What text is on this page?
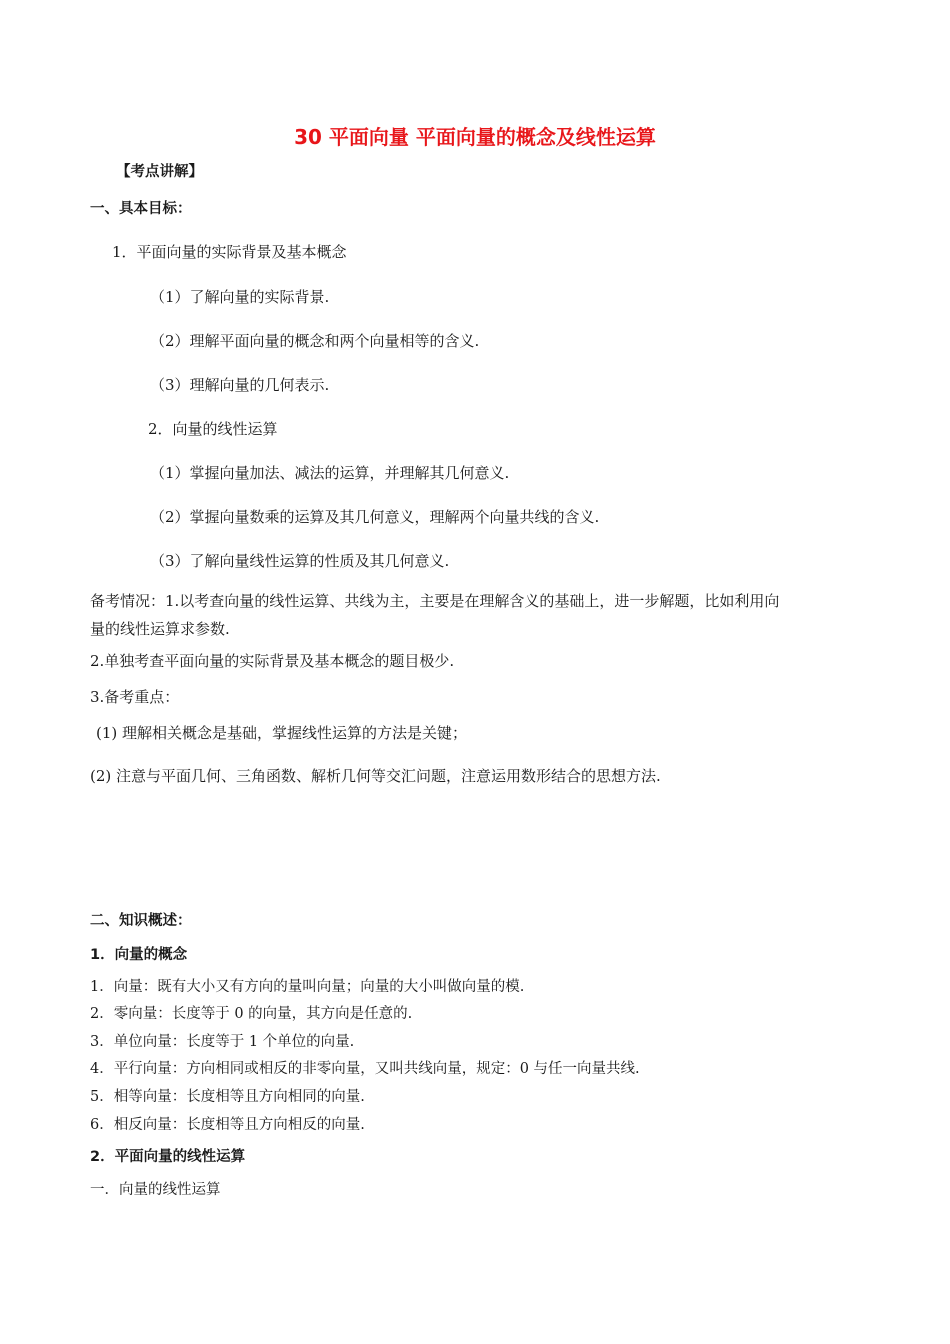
30 平面向量 平面向量的概念及线性运算
【考点讲解】
一、具本目标：
1．平面向量的实际背景及基本概念
（1）了解向量的实际背景.
（2）理解平面向量的概念和两个向量相等的含义.
（3）理解向量的几何表示.
2．向量的线性运算
（1）掌握向量加法、减法的运算，并理解其几何意义.
（2）掌握向量数乘的运算及其几何意义，理解两个向量共线的含义.
（3）了解向量线性运算的性质及其几何意义.
备考情况：1.以考查向量的线性运算、共线为主，主要是在理解含义的基础上，进一步解题，比如利用向
量的线性运算求参数.
2.单独考查平面向量的实际背景及基本概念的题目极少.
3.备考重点：
(1) 理解相关概念是基础，掌握线性运算的方法是关键；
(2) 注意与平面几何、三角函数、解析几何等交汇问题，注意运用数形结合的思想方法.
二、知识概述：
1．向量的概念
1．向量：既有大小又有方向的量叫向量；向量的大小叫做向量的模.
2．零向量：长度等于 0 的向量，其方向是任意的.
3．单位向量：长度等于 1 个单位的向量.
4．平行向量：方向相同或相反的非零向量，又叫共线向量，规定：0 与任一向量共线.
5．相等向量：长度相等且方向相同的向量.
6．相反向量：长度相等且方向相反的向量.
2．平面向量的线性运算
一．向量的线性运算
